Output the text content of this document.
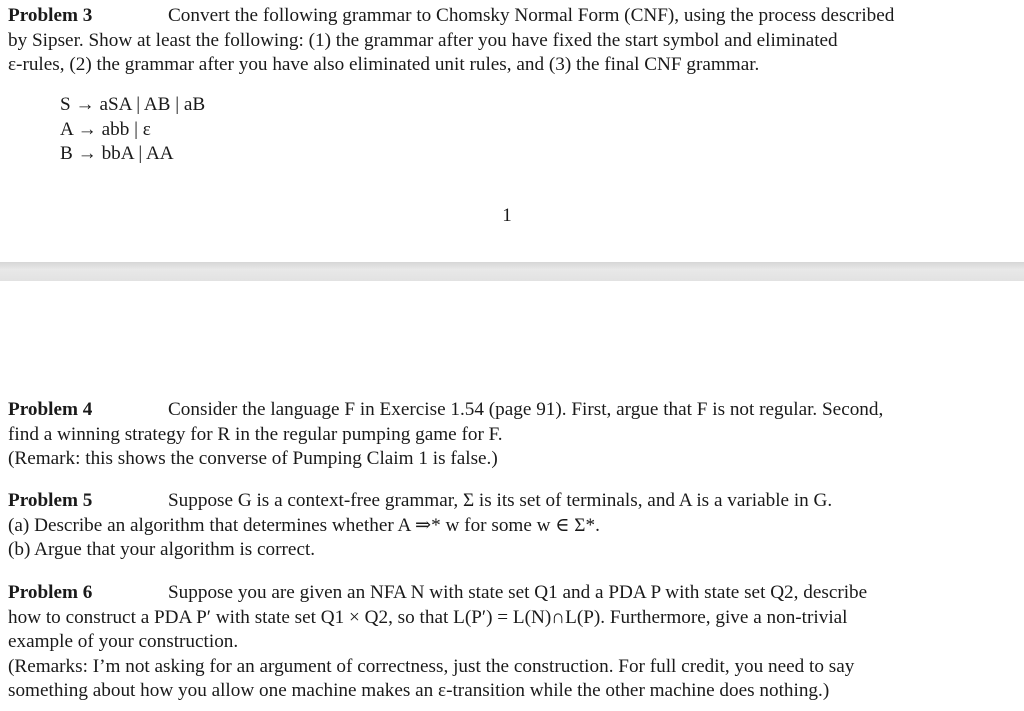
Problem 3	Convert the following grammar to Chomsky Normal Form (CNF), using the process described
by Sipser. Show at least the following: (1) the grammar after you have fixed the start symbol and eliminated
ε-rules, (2) the grammar after you have also eliminated unit rules, and (3) the final CNF grammar.
S → aSA | AB | aB
A → abb | ε
B → bbA | AA
1
Problem 4	Consider the language F in Exercise 1.54 (page 91). First, argue that F is not regular. Second,
find a winning strategy for R in the regular pumping game for F.
(Remark: this shows the converse of Pumping Claim 1 is false.)
Problem 5	Suppose G is a context-free grammar, Σ is its set of terminals, and A is a variable in G.
(a) Describe an algorithm that determines whether A ⇒* w for some w ∈ Σ*.
(b) Argue that your algorithm is correct.
Problem 6	Suppose you are given an NFA N with state set Q1 and a PDA P with state set Q2, describe
how to construct a PDA P′ with state set Q1 × Q2, so that L(P′) = L(N)∩L(P). Furthermore, give a non-trivial
example of your construction.
(Remarks: I’m not asking for an argument of correctness, just the construction. For full credit, you need to say
something about how you allow one machine makes an ε-transition while the other machine does nothing.)
